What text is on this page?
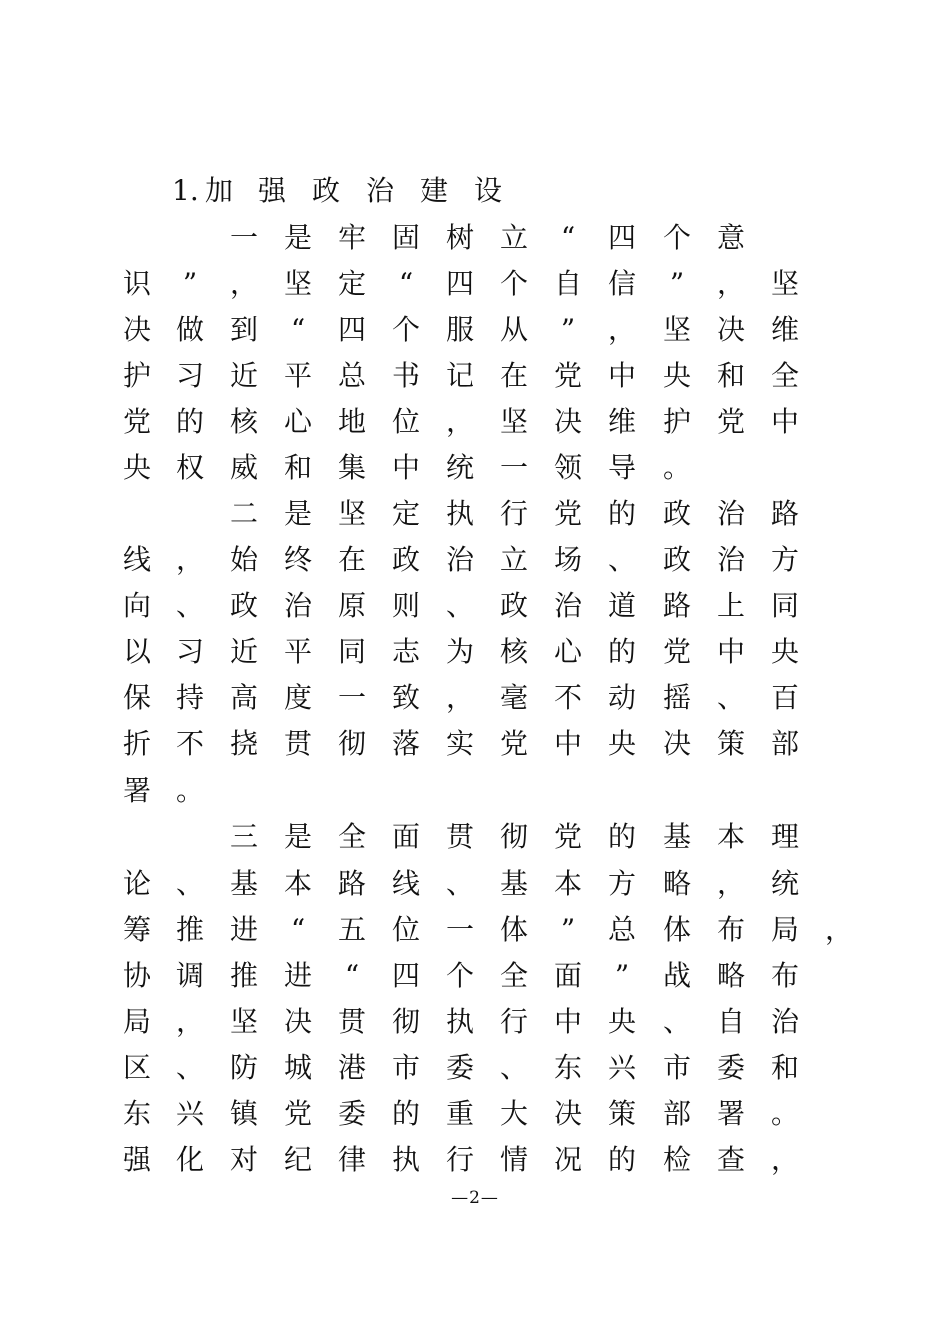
1. 加 强 政 治 建 设
一 是 牢 固 树 立	“	四 个 意
识	”	， 坚 定	“	四 个 自 信	”	， 坚
决 做 到	“	四 个 服 从	”	， 坚 决 维
护 习 近 平 总 书 记 在 党 中 央 和 全
党 的 核 心 地 位 ， 坚 决 维 护 党 中
央 权 威 和 集 中 统 一 领 导 。
二 是 坚 定 执 行 党 的 政 治 路
线 ， 始 终 在 政 治 立 场 、 政 治 方
向 、 政 治 原 则 、 政 治 道 路 上 同
以 习 近 平 同 志 为 核 心 的 党 中 央
保 持 高 度 一 致 ， 毫 不 动 摇 、 百
折 不 挠 贯 彻 落 实 党 中 央 决 策 部
署 。
三 是 全 面 贯 彻 党 的 基 本 理
论 、 基 本 路 线 、 基 本 方 略 ， 统
筹 推 进	“	五 位 一 体	”	总 体 布 局 ，
协 调 推 进	“	四 个 全 面	”	战 略 布
局 ， 坚 决 贯 彻 执 行 中 央 、 自 治
区 、 防 城 港 市 委 、 东 兴 市 委 和
东 兴 镇 党 委 的 重 大 决 策 部 署 。
强 化 对 纪 律 执 行 情 况 的 检 查 ，
—2—
